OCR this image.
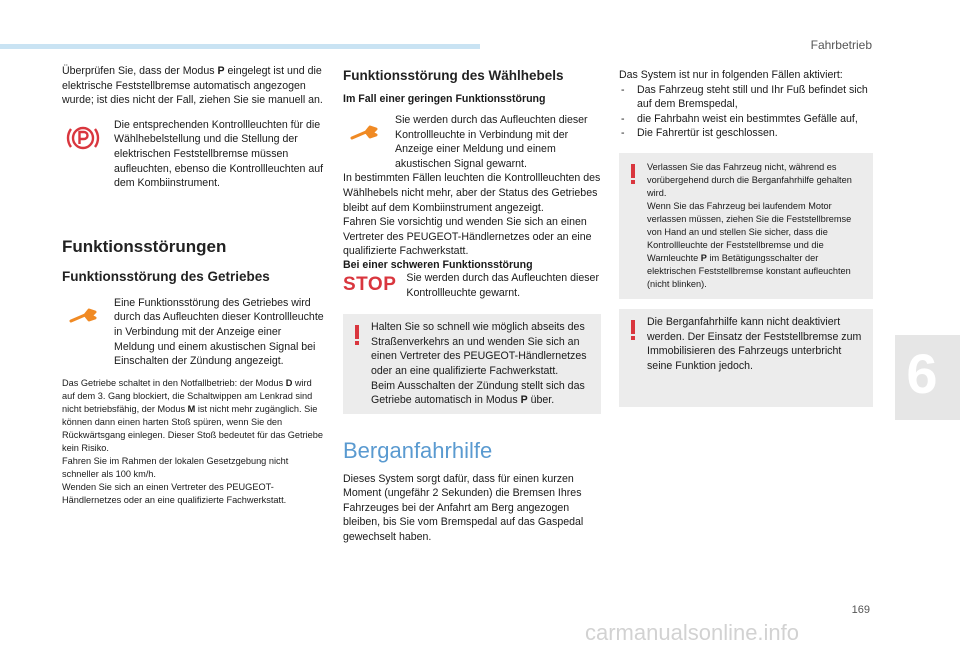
Fahrbetrieb
6
169
carmanualsonline.info

Überprüfen Sie, dass der Modus P eingelegt ist und die elektrische Feststellbremse automatisch angezogen wurde; ist dies nicht der Fall, ziehen Sie sie manuell an.

Die entsprechenden Kontrollleuchten für die Wählhebelstellung und die Stellung der elektrischen Feststellbremse müssen aufleuchten, ebenso die Kontrollleuchten auf dem Kombiinstrument.

Funktionsstörungen
Funktionsstörung des Getriebes

Eine Funktionsstörung des Getriebes wird durch das Aufleuchten dieser Kontrollleuchte in Verbindung mit der Anzeige einer Meldung und einem akustischen Signal bei Einschalten der Zündung angezeigt.

Das Getriebe schaltet in den Notfallbetrieb: der Modus D wird auf dem 3. Gang blockiert, die Schaltwippen am Lenkrad sind nicht betriebsfähig, der Modus M ist nicht mehr zugänglich. Sie können dann einen harten Stoß spüren, wenn Sie den Rückwärtsgang einlegen. Dieser Stoß bedeutet für das Getriebe kein Risiko.

Fahren Sie im Rahmen der lokalen Gesetzgebung nicht schneller als 100 km/h.

Wenden Sie sich an einen Vertreter des PEUGEOT-Händlernetzes oder an eine qualifizierte Fachwerkstatt.

Funktionsstörung des Wählhebels
Im Fall einer geringen Funktionsstörung

Sie werden durch das Aufleuchten dieser Kontrollleuchte in Verbindung mit der Anzeige einer Meldung und einem akustischen Signal gewarnt.

In bestimmten Fällen leuchten die Kontrollleuchten des Wählhebels nicht mehr, aber der Status des Getriebes bleibt auf dem Kombiinstrument angezeigt.

Fahren Sie vorsichtig und wenden Sie sich an einen Vertreter des PEUGEOT-Händlernetzes oder an eine qualifizierte Fachwerkstatt.

Bei einer schweren Funktionsstörung
STOP Sie werden durch das Aufleuchten dieser Kontrollleuchte gewarnt.

Halten Sie so schnell wie möglich abseits des Straßenverkehrs an und wenden Sie sich an einen Vertreter des PEUGEOT-Händlernetzes oder an eine qualifizierte Fachwerkstatt.

Beim Ausschalten der Zündung stellt sich das Getriebe automatisch in Modus P über.

Berganfahrhilfe

Dieses System sorgt dafür, dass für einen kurzen Moment (ungefähr 2 Sekunden) die Bremsen Ihres Fahrzeuges bei der Anfahrt am Berg angezogen bleiben, bis Sie vom Bremspedal auf das Gaspedal gewechselt haben.

Das System ist nur in folgenden Fällen aktiviert:

- Das Fahrzeug steht still und Ihr Fuß befindet sich auf dem Bremspedal,
- die Fahrbahn weist ein bestimmtes Gefälle auf,
- Die Fahrertür ist geschlossen.

Verlassen Sie das Fahrzeug nicht, während es vorübergehend durch die Berganfahrhilfe gehalten wird.

Wenn Sie das Fahrzeug bei laufendem Motor verlassen müssen, ziehen Sie die Feststellbremse von Hand an und stellen Sie sicher, dass die Kontrollleuchte der Feststellbremse und die Warnleuchte P im Betätigungsschalter der elektrischen Feststellbremse konstant aufleuchten (nicht blinken).

Die Berganfahrhilfe kann nicht deaktiviert werden. Der Einsatz der Feststellbremse zum Immobilisieren des Fahrzeugs unterbricht seine Funktion jedoch.
